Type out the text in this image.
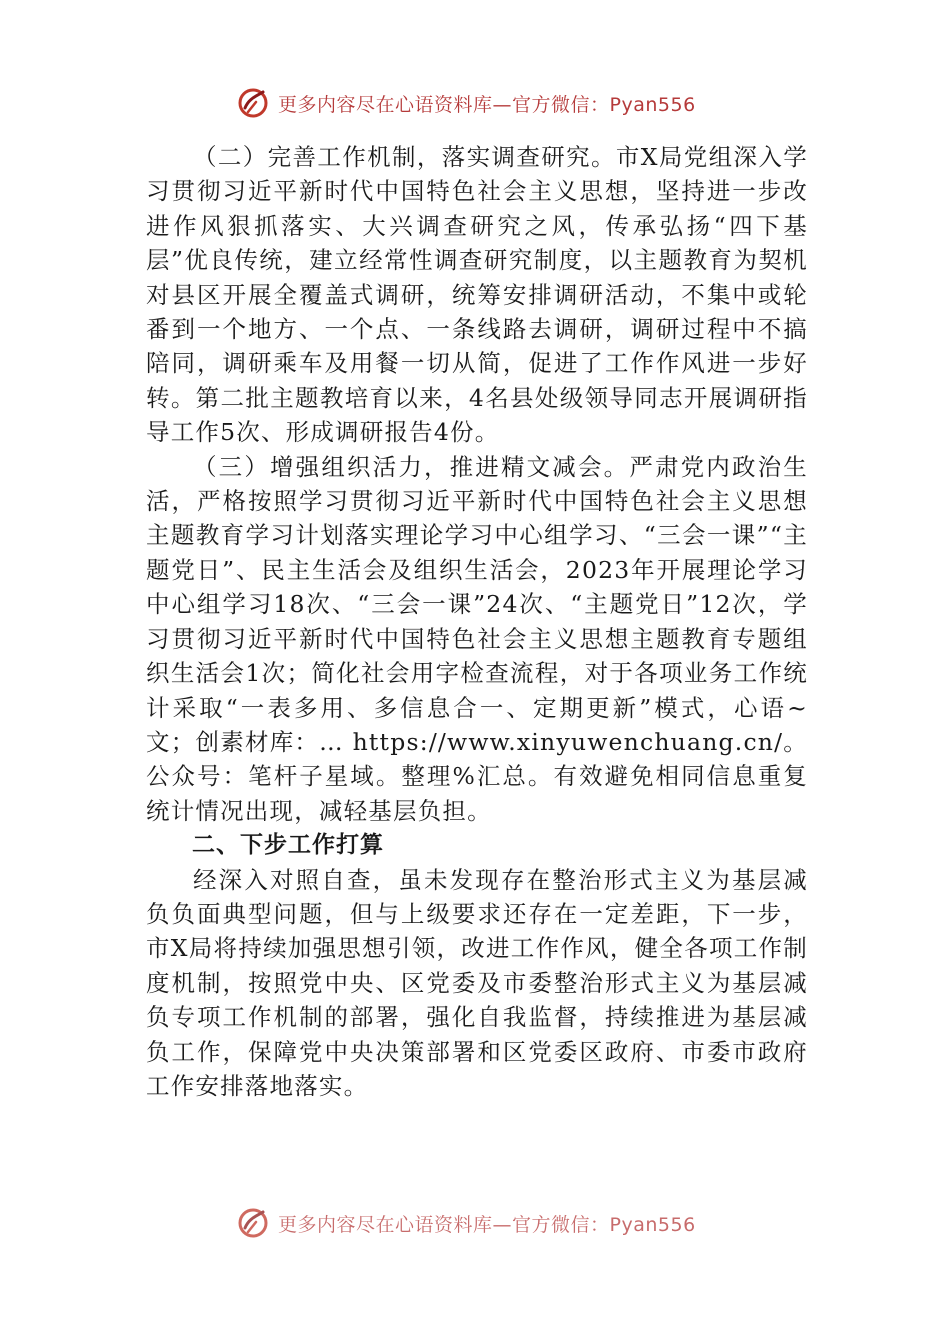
更多内容尽在心语资料库—官方微信：Pyan556

（二）完善工作机制，落实调查研究。市X局党组深入学习贯彻习近平新时代中国特色社会主义思想，坚持进一步改进作风狠抓落实、大兴调查研究之风，传承弘扬“四下基层”优良传统，建立经常性调查研究制度，以主题教育为契机对县区开展全覆盖式调研，统筹安排调研活动，不集中或轮番到一个地方、一个点、一条线路去调研，调研过程中不搞陪同，调研乘车及用餐一切从简，促进了工作作风进一步好转。第二批主题教培育以来，4名县处级领导同志开展调研指导工作5次、形成调研报告4份。

（三）增强组织活力，推进精文减会。严肃党内政治生活，严格按照学习贯彻习近平新时代中国特色社会主义思想主题教育学习计划落实理论学习中心组学习、“三会一课”“主题党日”、民主生活会及组织生活会，2023年开展理论学习中心组学习18次、“三会一课”24次、“主题党日”12次，学习贯彻习近平新时代中国特色社会主义思想主题教育专题组织生活会1次；简化社会用字检查流程，对于各项业务工作统计采取“一表多用、多信息合一、定期更新”模式，心语~文；创素材库：… https://www.xinyuwenchuang.cn/。公众号：笔杆子星域。整理%汇总。有效避免相同信息重复统计情况出现，减轻基层负担。

二、下步工作打算

经深入对照自查，虽未发现存在整治形式主义为基层减负负面典型问题，但与上级要求还存在一定差距，下一步，市X局将持续加强思想引领，改进工作作风，健全各项工作制度机制，按照党中央、区党委及市委整治形式主义为基层减负专项工作机制的部署，强化自我监督，持续推进为基层减负工作，保障党中央决策部署和区党委区政府、市委市政府工作安排落地落实。

更多内容尽在心语资料库—官方微信：Pyan556
